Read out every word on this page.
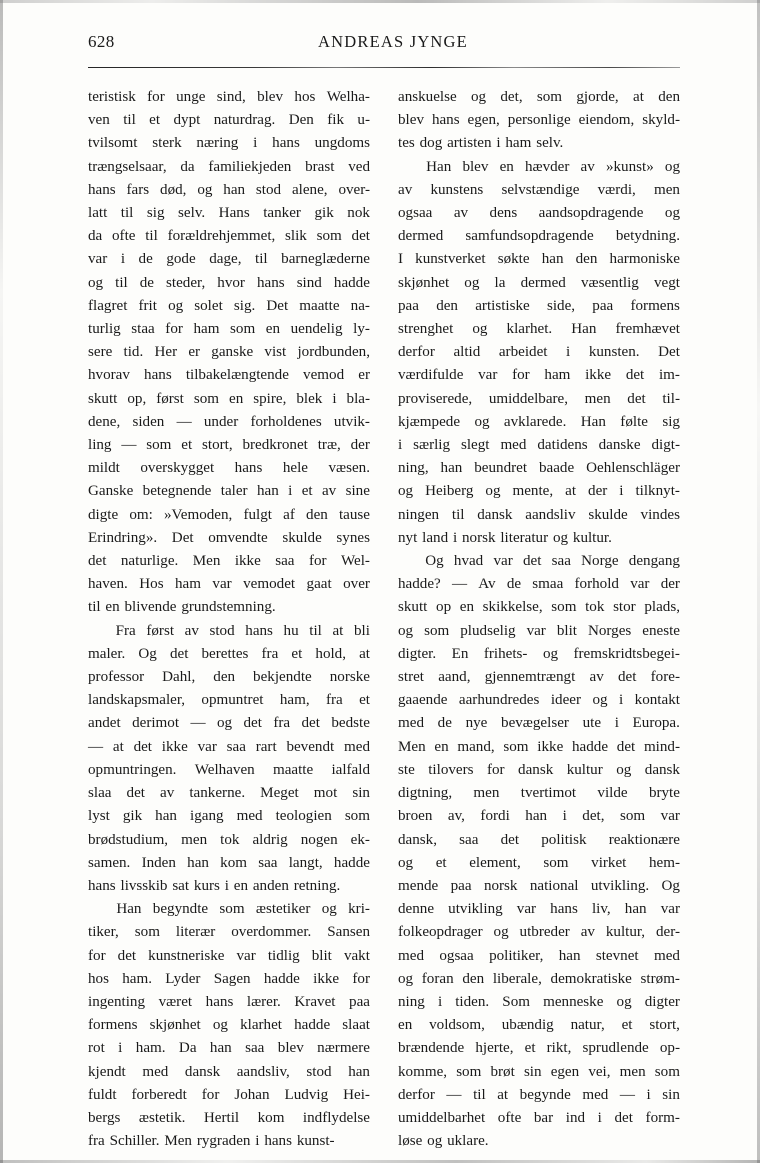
628	ANDREAS JYNGE

teristisk for unge sind, blev hos Welha-
ven til et dypt naturdrag. Den fik u-
tvilsomt sterk næring i hans ungdoms
trængselsaar, da familiekjeden brast ved
hans fars død, og han stod alene, over-
latt til sig selv. Hans tanker gik nok
da ofte til forældrehjemmet, slik som det
var i de gode dage, til barneglæderne
og til de steder, hvor hans sind hadde
flagret frit og solet sig. Det maatte na-
turlig staa for ham som en uendelig ly-
sere tid. Her er ganske vist jordbunden,
hvorav hans tilbakelængtende vemod er
skutt op, først som en spire, blek i bla-
dene, siden — under forholdenes utvik-
ling — som et stort, bredkronet træ, der
mildt overskygget hans hele væsen.
Ganske betegnende taler han i et av sine
digte om: »Vemoden, fulgt af den tause
Erindring». Det omvendte skulde synes
det naturlige. Men ikke saa for Wel-
haven. Hos ham var vemodet gaat over
til en blivende grundstemning.

Fra først av stod hans hu til at bli
maler. Og det berettes fra et hold, at
professor Dahl, den bekjendte norske
landskapsmaler, opmuntret ham, fra et
andet derimot — og det fra det bedste
— at det ikke var saa rart bevendt med
opmuntringen. Welhaven maatte ialfald
slaa det av tankerne. Meget mot sin
lyst gik han igang med teologien som
brødstudium, men tok aldrig nogen ek-
samen. Inden han kom saa langt, hadde
hans livsskib sat kurs i en anden retning.

Han begyndte som æstetiker og kri-
tiker, som literær overdommer. Sansen
for det kunstneriske var tidlig blit vakt
hos ham. Lyder Sagen hadde ikke for
ingenting været hans lærer. Kravet paa
formens skjønhet og klarhet hadde slaat
rot i ham. Da han saa blev nærmere
kjendt med dansk aandsliv, stod han
fuldt forberedt for Johan Ludvig Hei-
bergs æstetik. Hertil kom indflydelse
fra Schiller. Men rygraden i hans kunst-

anskuelse og det, som gjorde, at den
blev hans egen, personlige eiendom, skyld-
tes dog artisten i ham selv.

Han blev en hævder av »kunst» og
av kunstens selvstændige værdi, men
ogsaa av dens aandsopdragende og
dermed samfundsopdragende betydning.
I kunstverket søkte han den harmoniske
skjønhet og la dermed væsentlig vegt
paa den artistiske side, paa formens
strenghet og klarhet. Han fremhævet
derfor altid arbeidet i kunsten. Det
værdifulde var for ham ikke det im-
proviserede, umiddelbare, men det til-
kjæmpede og avklarede. Han følte sig
i særlig slegt med datidens danske digt-
ning, han beundret baade Oehlenschläger
og Heiberg og mente, at der i tilknyt-
ningen til dansk aandsliv skulde vindes
nyt land i norsk literatur og kultur.

Og hvad var det saa Norge dengang
hadde? — Av de smaa forhold var der
skutt op en skikkelse, som tok stor plads,
og som pludselig var blit Norges eneste
digter. En frihets- og fremskridtsbegei-
stret aand, gjennemtrængt av det fore-
gaaende aarhundredes ideer og i kontakt
med de nye bevægelser ute i Europa.
Men en mand, som ikke hadde det mind-
ste tilovers for dansk kultur og dansk
digtning, men tvertimot vilde bryte
broen av, fordi han i det, som var
dansk, saa det politisk reaktionære
og et element, som virket hem-
mende paa norsk national utvikling. Og
denne utvikling var hans liv, han var
folkeopdrager og utbreder av kultur, der-
med ogsaa politiker, han stevnet med
og foran den liberale, demokratiske strøm-
ning i tiden. Som menneske og digter
en voldsom, ubændig natur, et stort,
brændende hjerte, et rikt, sprudlende op-
komme, som brøt sin egen vei, men som
derfor — til at begynde med — i sin
umiddelbarhet ofte bar ind i det form-
løse og uklare.
